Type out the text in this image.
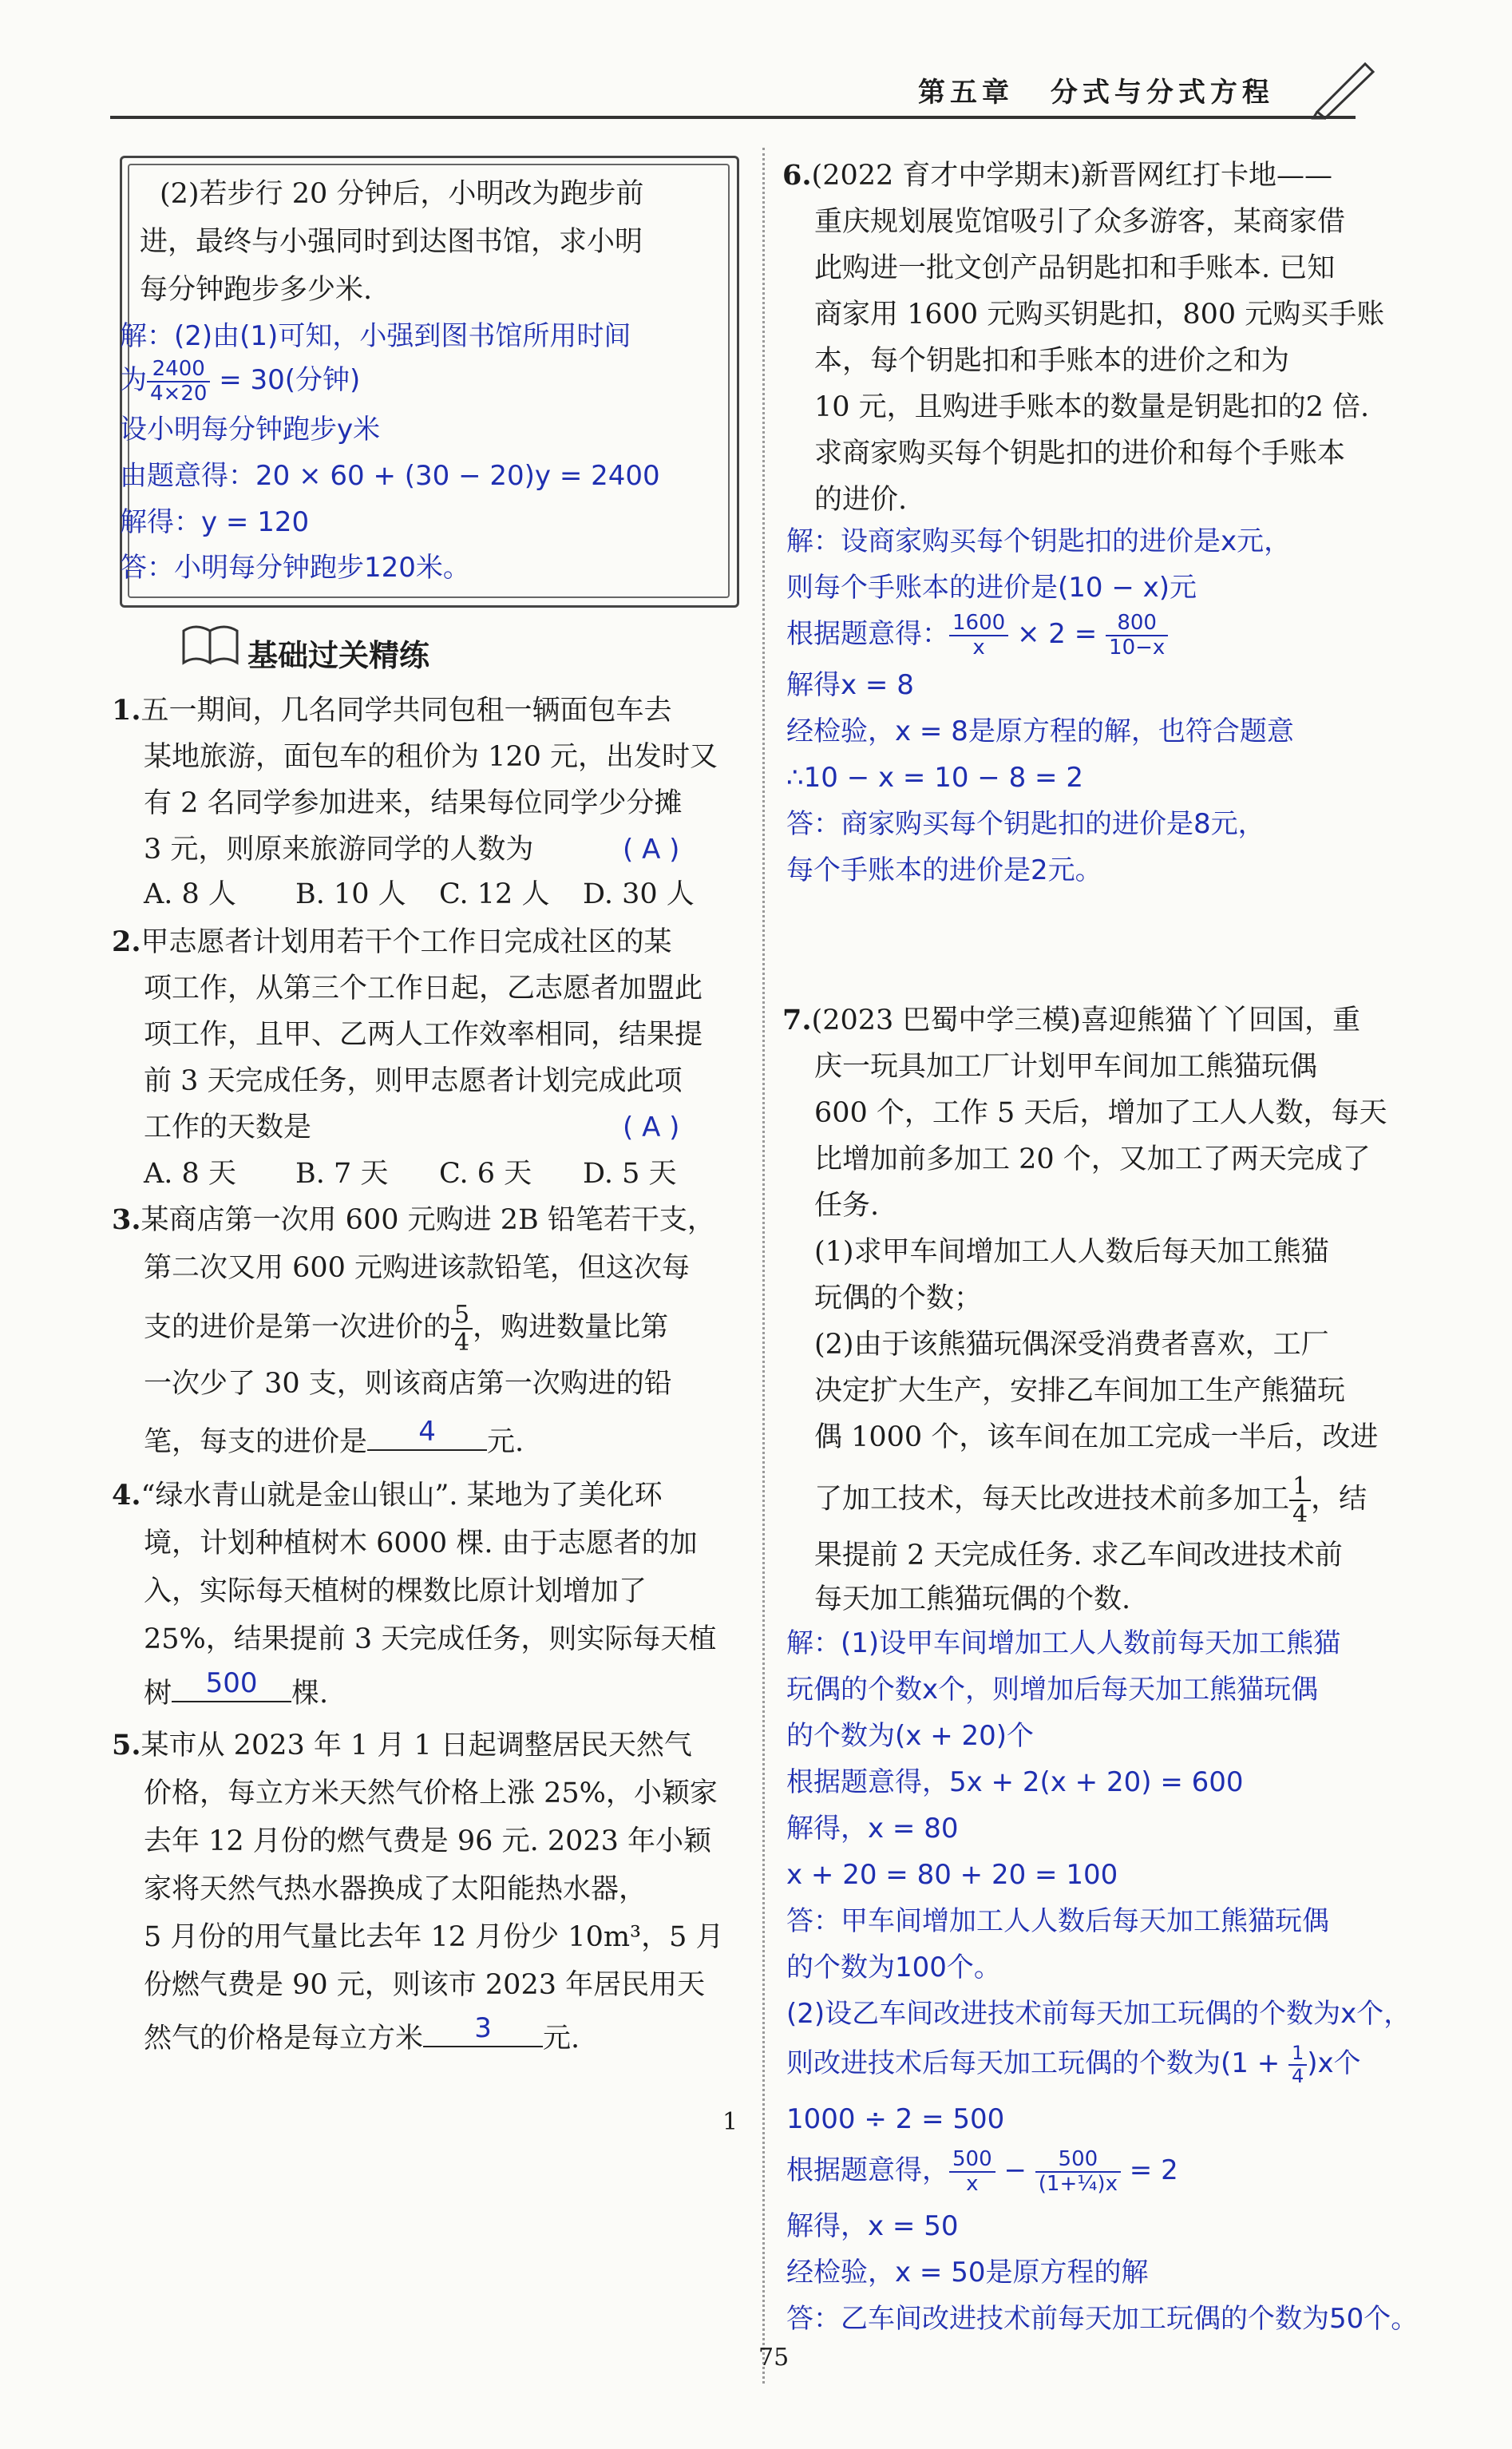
第五章 分式与分式方程
(2)若步行 20 分钟后，小明改为跑步前
进，最终与小强同时到达图书馆，求小明
每分钟跑步多少米.
解：(2)由(1)可知，小强到图书馆所用时间
为 $\frac{2400}{4\times 20} = 30$(分钟)
设小明每分钟跑步y米
由题意得：20 × 60 + (30 − 20)y = 2400
解得：y = 120
答：小明每分钟跑步120米。
基础过关精练
1.五一期间，几名同学共同包租一辆面包车去
某地旅游，面包车的租价为 120 元，出发时又
有 2 名同学参加进来，结果每位同学少分摊
3 元，则原来旅游同学的人数为	( A )
A. 8 人 B. 10 人 C. 12 人 D. 30 人
2.甲志愿者计划用若干个工作日完成社区的某
项工作，从第三个工作日起，乙志愿者加盟此
项工作，且甲、乙两人工作效率相同，结果提
前 3 天完成任务，则甲志愿者计划完成此项
工作的天数是	( A )
A. 8 天 B. 7 天 C. 6 天 D. 5 天
3.某商店第一次用 600 元购进 2B 铅笔若干支，
第二次又用 600 元购进该款铅笔，但这次每
支的进价是第一次进价的 $\frac{5}{4}$ ，购进数量比第
一次少了 30 支，则该商店第一次购进的铅
笔，每支的进价是	4	元.
4.“绿水青山就是金山银山”. 某地为了美化环
境，计划种植树木 6000 棵. 由于志愿者的加
入，实际每天植树的棵数比原计划增加了
25%，结果提前 3 天完成任务，则实际每天植
树	500	棵.
5.某市从 2023 年 1 月 1 日起调整居民天然气
价格，每立方米天然气价格上涨 25%，小颖家
去年 12 月份的燃气费是 96 元. 2023 年小颖
家将天然气热水器换成了太阳能热水器，
5 月份的用气量比去年 12 月份少 10m³，5 月
份燃气费是 90 元，则该市 2023 年居民用天
然气的价格是每立方米	3	元.
1
6.(2022 育才中学期末)新晋网红打卡地——
重庆规划展览馆吸引了众多游客，某商家借
此购进一批文创产品钥匙扣和手账本. 已知
商家用 1600 元购买钥匙扣，800 元购买手账
本，每个钥匙扣和手账本的进价之和为
10 元，且购进手账本的数量是钥匙扣的2 倍.
求商家购买每个钥匙扣的进价和每个手账本
的进价.
解：设商家购买每个钥匙扣的进价是x元，
则每个手账本的进价是(10 − x)元
根据题意得： $\frac{1600}{x} \times 2 = \frac{800}{10-x}$
解得x = 8
经检验，x = 8是原方程的解，也符合题意
∴10 − x = 10 − 8 = 2
答：商家购买每个钥匙扣的进价是8元，
每个手账本的进价是2元。
7.(2023 巴蜀中学三模)喜迎熊猫丫丫回国，重
庆一玩具加工厂计划甲车间加工熊猫玩偶
600 个，工作 5 天后，增加了工人人数，每天
比增加前多加工 20 个，又加工了两天完成了
任务.
(1)求甲车间增加工人人数后每天加工熊猫
玩偶的个数；
(2)由于该熊猫玩偶深受消费者喜欢，工厂
决定扩大生产，安排乙车间加工生产熊猫玩
偶 1000 个，该车间在加工完成一半后，改进
了加工技术，每天比改进技术前多加工 $\frac{1}{4}$ ，结
果提前 2 天完成任务. 求乙车间改进技术前
每天加工熊猫玩偶的个数.
解：(1)设甲车间增加工人人数前每天加工熊猫
玩偶的个数x个，则增加后每天加工熊猫玩偶
的个数为(x + 20)个
根据题意得，5x + 2(x + 20) = 600
解得，x = 80
x + 20 = 80 + 20 = 100
答：甲车间增加工人人数后每天加工熊猫玩偶
的个数为100个。
(2)设乙车间改进技术前每天加工玩偶的个数为x个，
则改进技术后每天加工玩偶的个数为$(1 + \frac{1}{4} )x$个
1000 ÷ 2 = 500
根据题意得， $\frac{500}{x} - \frac{500}{\text{(1+¼)x}} = 2$
解得，x = 50
经检验，x = 50是原方程的解
答：乙车间改进技术前每天加工玩偶的个数为50个。
75
